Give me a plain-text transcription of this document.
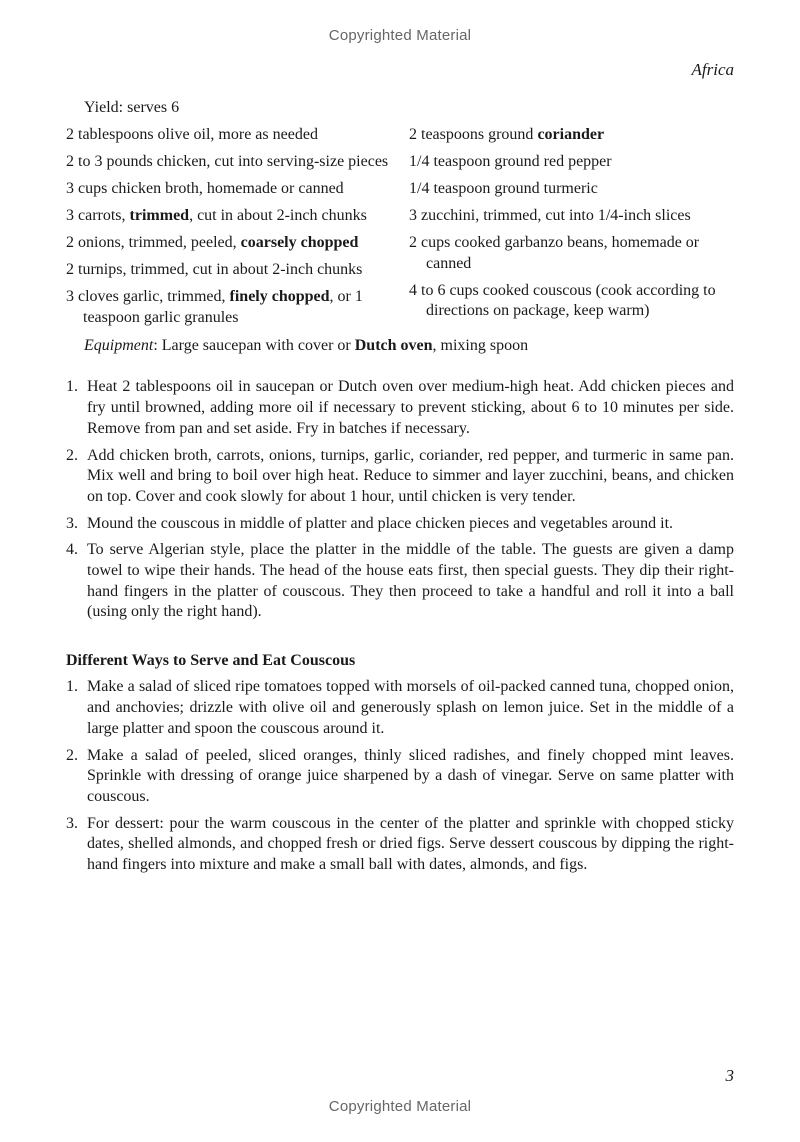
Copyrighted Material
Africa
Yield: serves 6
2 tablespoons olive oil, more as needed
2 to 3 pounds chicken, cut into serving-size pieces
3 cups chicken broth, homemade or canned
3 carrots, trimmed, cut in about 2-inch chunks
2 onions, trimmed, peeled, coarsely chopped
2 turnips, trimmed, cut in about 2-inch chunks
3 cloves garlic, trimmed, finely chopped, or 1 teaspoon garlic granules
2 teaspoons ground coriander
1/4 teaspoon ground red pepper
1/4 teaspoon ground turmeric
3 zucchini, trimmed, cut into 1/4-inch slices
2 cups cooked garbanzo beans, homemade or canned
4 to 6 cups cooked couscous (cook according to directions on package, keep warm)
Equipment: Large saucepan with cover or Dutch oven, mixing spoon
1. Heat 2 tablespoons oil in saucepan or Dutch oven over medium-high heat. Add chicken pieces and fry until browned, adding more oil if necessary to prevent sticking, about 6 to 10 minutes per side. Remove from pan and set aside. Fry in batches if necessary.
2. Add chicken broth, carrots, onions, turnips, garlic, coriander, red pepper, and turmeric in same pan. Mix well and bring to boil over high heat. Reduce to simmer and layer zucchini, beans, and chicken on top. Cover and cook slowly for about 1 hour, until chicken is very tender.
3. Mound the couscous in middle of platter and place chicken pieces and vegetables around it.
4. To serve Algerian style, place the platter in the middle of the table. The guests are given a damp towel to wipe their hands. The head of the house eats first, then special guests. They dip their right-hand fingers in the platter of couscous. They then proceed to take a handful and roll it into a ball (using only the right hand).
Different Ways to Serve and Eat Couscous
1. Make a salad of sliced ripe tomatoes topped with morsels of oil-packed canned tuna, chopped onion, and anchovies; drizzle with olive oil and generously splash on lemon juice. Set in the middle of a large platter and spoon the couscous around it.
2. Make a salad of peeled, sliced oranges, thinly sliced radishes, and finely chopped mint leaves. Sprinkle with dressing of orange juice sharpened by a dash of vinegar. Serve on same platter with couscous.
3. For dessert: pour the warm couscous in the center of the platter and sprinkle with chopped sticky dates, shelled almonds, and chopped fresh or dried figs. Serve dessert couscous by dipping the right-hand fingers into mixture and make a small ball with dates, almonds, and figs.
3
Copyrighted Material
